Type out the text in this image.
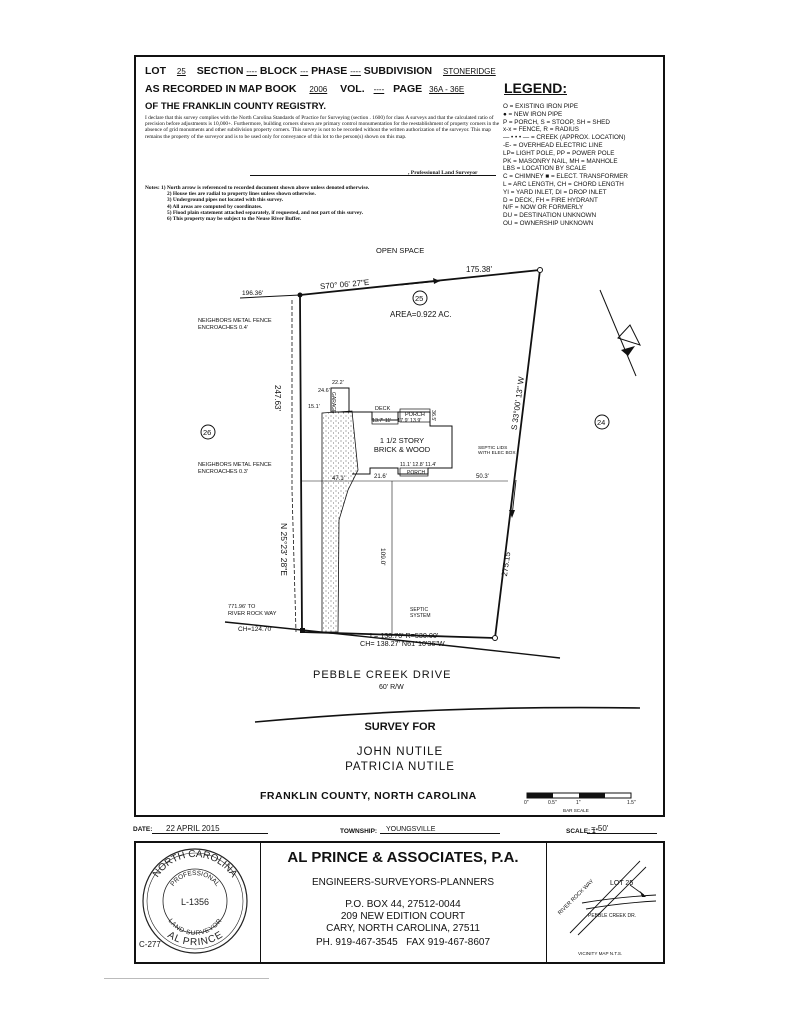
LOT 25 SECTION ---- BLOCK --- PHASE ---- SUBDIVISION STONERIDGE
AS RECORDED IN MAP BOOK 2006 VOL. ---- PAGE 36A - 36E
OF THE FRANKLIN COUNTY REGISTRY.
LEGEND:
I declare that this survey complies with the North Carolina Standards of Practice for Surveying (section . 1600) for class A surveys and that the calculated ratio of precision before adjustments is 10,000+. Furthermore, building corners shown are primary control monumentation for the reestablishment of property corners in the absence of grid monuments and other subdivision property corners. This survey is not to be recorded without the written authorization of the surveyor. This map remains the property of the surveyor and is to be used only for conveyance of this lot to the person(s) shown on this map.
, Professional Land Surveyor
Notes: 1) North arrow is referenced to recorded document shown above unless denoted otherwise.
2) House ties are radial to property lines unless shown otherwise.
3) Underground pipes not located with this survey.
4) All areas are computed by coordinates.
5) Flood plain statement attached separately, if requested, and not part of this survey.
6) This property may be subject to the Neuse River Buffer.
O = EXISTING IRON PIPE
● = NEW IRON PIPE
P = PORCH, S = STOOP, SH = SHED
x-x = FENCE, R = RADIUS
— • • • — = CREEK (APPROX. LOCATION)
-E- = OVERHEAD ELECTRIC LINE
LP= LIGHT POLE, PP = POWER POLE
PK = MASONRY NAIL, MH = MANHOLE
LBS = LOCATION BY SCALE
C = CHIMNEY ■ = ELECT. TRANSFORMER
L = ARC LENGTH, CH = CHORD LENGTH
YI = YARD INLET, DI = DROP INLET
D = DECK, FH = FIRE HYDRANT
N/F = NOW OR FORMERLY
DU = DESTINATION UNKNOWN
OU = OWNERSHIP UNKNOWN
OPEN SPACE
S70° 06' 27"E
175.38'
196.36'
25
AREA=0.922 AC.
NEIGHBORS METAL FENCE
ENCROACHES 0.4'
NEIGHBORS METAL FENCE
ENCROACHES 0.3'
247.63'
N 25°23' 28"E
S 33°00' 13" W
275.15'
26
24
GARAGE
22.2'
24.6'
15.1'	DECK
PORCH
13.7' 11' 17.9' 13.9' 36.5'
1 1/2 STORY
BRICK & WOOD	SEPTIC LIDS WITH ELEC BOX
11.1' 12.8' 11.4'
PORCH
47.1'	21.6'	50.3'
109.0'
SEPTIC SYSTEM
771.96' TO
RIVER ROCK WAY
CH=124.70'
L= 138.76' R=530.00'
CH= 138.27' N61°10'36"W
PEBBLE CREEK DRIVE
60' R/W
SURVEY FOR
JOHN NUTILE
PATRICIA NUTILE
FRANKLIN COUNTY, NORTH CAROLINA
0"	0.5"	1"	1.5"
BAR SCALE
DATE:	22 APRIL 2015	TOWNSHIP:	YOUNGSVILLE	SCALE: 1"
= 50'
NORTH CAROLINA
PROFESSIONAL
AL PRINCE
LAND SURVEYOR
L-1356
C-277
AL PRINCE & ASSOCIATES, P.A.
ENGINEERS-SURVEYORS-PLANNERS
P.O. BOX 44, 27512-0044
209 NEW EDITION COURT
CARY, NORTH CAROLINA, 27511
PH. 919-467-3545 FAX 919-467-8607
RIVER ROCK WAY
PEBBLE CREEK DR.
LOT 25
VICINITY MAP N.T.S.
